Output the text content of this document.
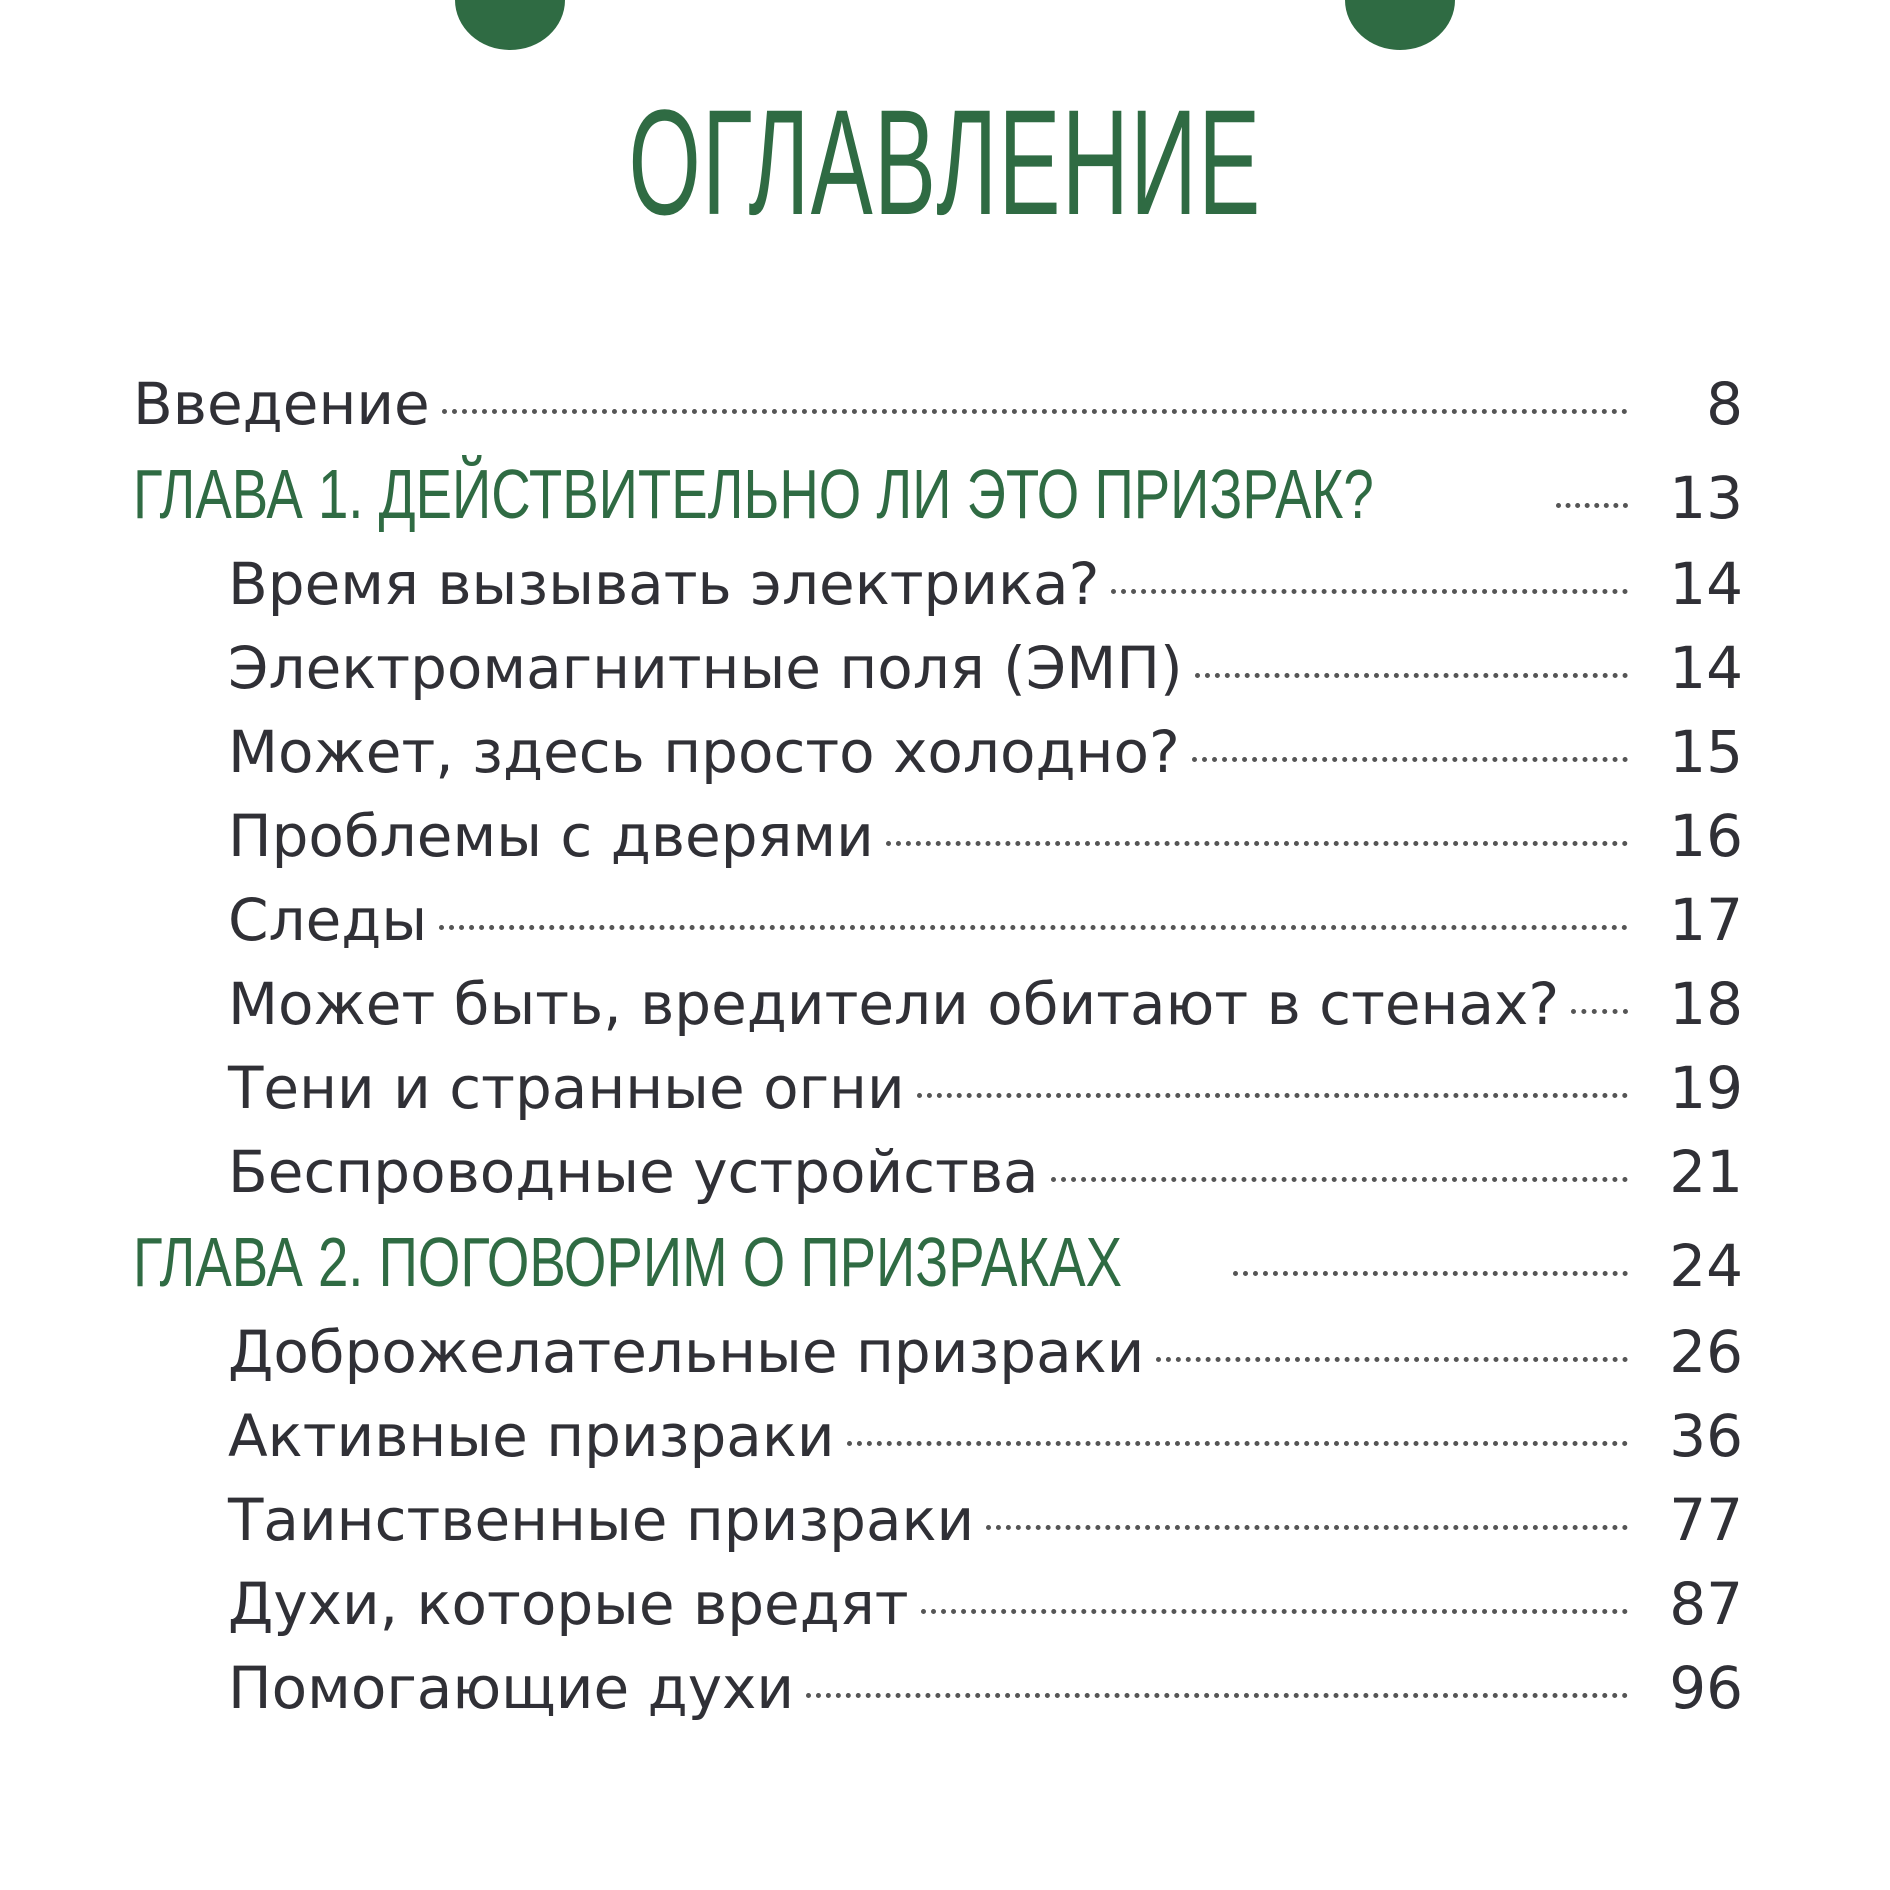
ОГЛАВЛЕНИЕ
Введение	8
ГЛАВА 1. ДЕЙСТВИТЕЛЬНО ЛИ ЭТО ПРИЗРАК?	13
Время вызывать электрика?	14
Электромагнитные поля (ЭМП)	14
Может, здесь просто холодно?	15
Проблемы с дверями	16
Следы	17
Может быть, вредители обитают в стенах?	18
Тени и странные огни	19
Беспроводные устройства	21
ГЛАВА 2. ПОГОВОРИМ О ПРИЗРАКАХ	24
Доброжелательные призраки	26
Активные призраки	36
Таинственные призраки	77
Духи, которые вредят	87
Помогающие духи	96
